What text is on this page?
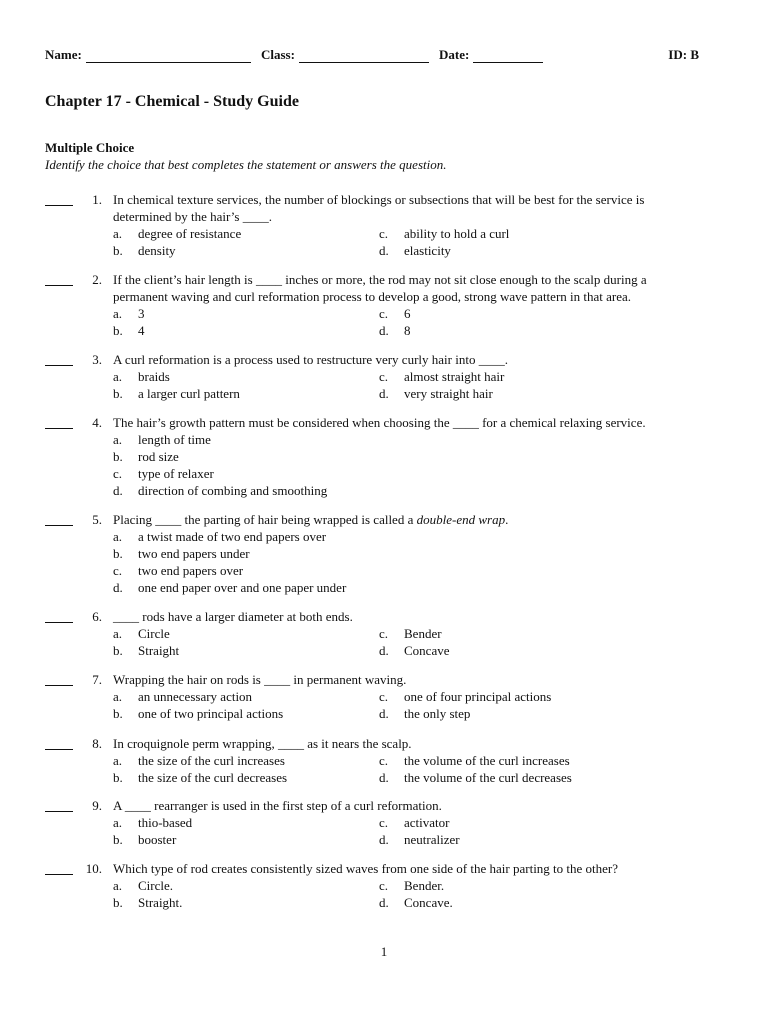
Name:	Class:	Date:	ID: B
Chapter 17 - Chemical - Study Guide
Multiple Choice
Identify the choice that best completes the statement or answers the question.
1. In chemical texture services, the number of blockings or subsections that will be best for the service is
determined by the hair’s ____.
a. degree of resistance
b. density
c. ability to hold a curl
d. elasticity
2. If the client’s hair length is ____ inches or more, the rod may not sit close enough to the scalp during a
permanent waving and curl reformation process to develop a good, strong wave pattern in that area.
a. 3
b. 4
c. 6
d. 8
3. A curl reformation is a process used to restructure very curly hair into ____.
a. braids
b. a larger curl pattern
c. almost straight hair
d. very straight hair
4. The hair’s growth pattern must be considered when choosing the ____ for a chemical relaxing service.
a. length of time
b. rod size
c. type of relaxer
d. direction of combing and smoothing
5. Placing ____ the parting of hair being wrapped is called a double-end wrap.
a. a twist made of two end papers over
b. two end papers under
c. two end papers over
d. one end paper over and one paper under
6. ____ rods have a larger diameter at both ends.
a. Circle
b. Straight
c. Bender
d. Concave
7. Wrapping the hair on rods is ____ in permanent waving.
a. an unnecessary action
b. one of two principal actions
c. one of four principal actions
d. the only step
8. In croquignole perm wrapping, ____ as it nears the scalp.
a. the size of the curl increases
b. the size of the curl decreases
c. the volume of the curl increases
d. the volume of the curl decreases
9. A ____ rearranger is used in the first step of a curl reformation.
a. thio-based
b. booster
c. activator
d. neutralizer
10. Which type of rod creates consistently sized waves from one side of the hair parting to the other?
a. Circle.
b. Straight.
c. Bender.
d. Concave.
1
